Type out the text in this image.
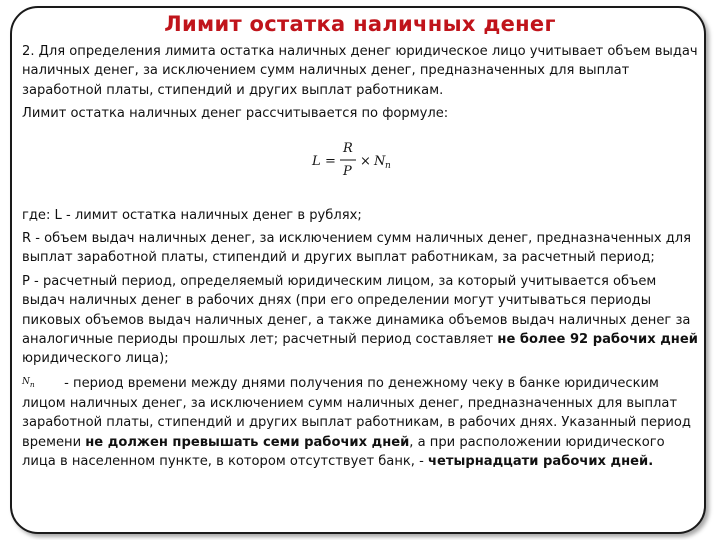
Лимит остатка наличных денег

2. Для определения лимита остатка наличных денег юридическое лицо учитывает объем выдач наличных денег, за исключением сумм наличных денег, предназначенных для выплат заработной платы, стипендий и других выплат работникам.

Лимит остатка наличных денег рассчитывается по формуле:

L =
R
P
× N n

где: L - лимит остатка наличных денег в рублях;

R - объем выдач наличных денег, за исключением сумм наличных денег, предназначенных для выплат заработной платы, стипендий и других выплат работникам, за расчетный период;

P - расчетный период, определяемый юридическим лицом, за который учитывается объем выдач наличных денег в рабочих днях (при его определении могут учитываться периоды пиковых объемов выдач наличных денег, а также динамика объемов выдач наличных денег за аналогичные периоды прошлых лет; расчетный период составляет не более 92 рабочих дней юридического лица);

$N_n$ - период времени между днями получения по денежному чеку в банке юридическим лицом наличных денег, за исключением сумм наличных денег, предназначенных для выплат заработной платы, стипендий и других выплат работникам, в рабочих днях. Указанный период времени не должен превышать семи рабочих дней, а при расположении юридического лица в населенном пункте, в котором отсутствует банк, - четырнадцати рабочих дней.
